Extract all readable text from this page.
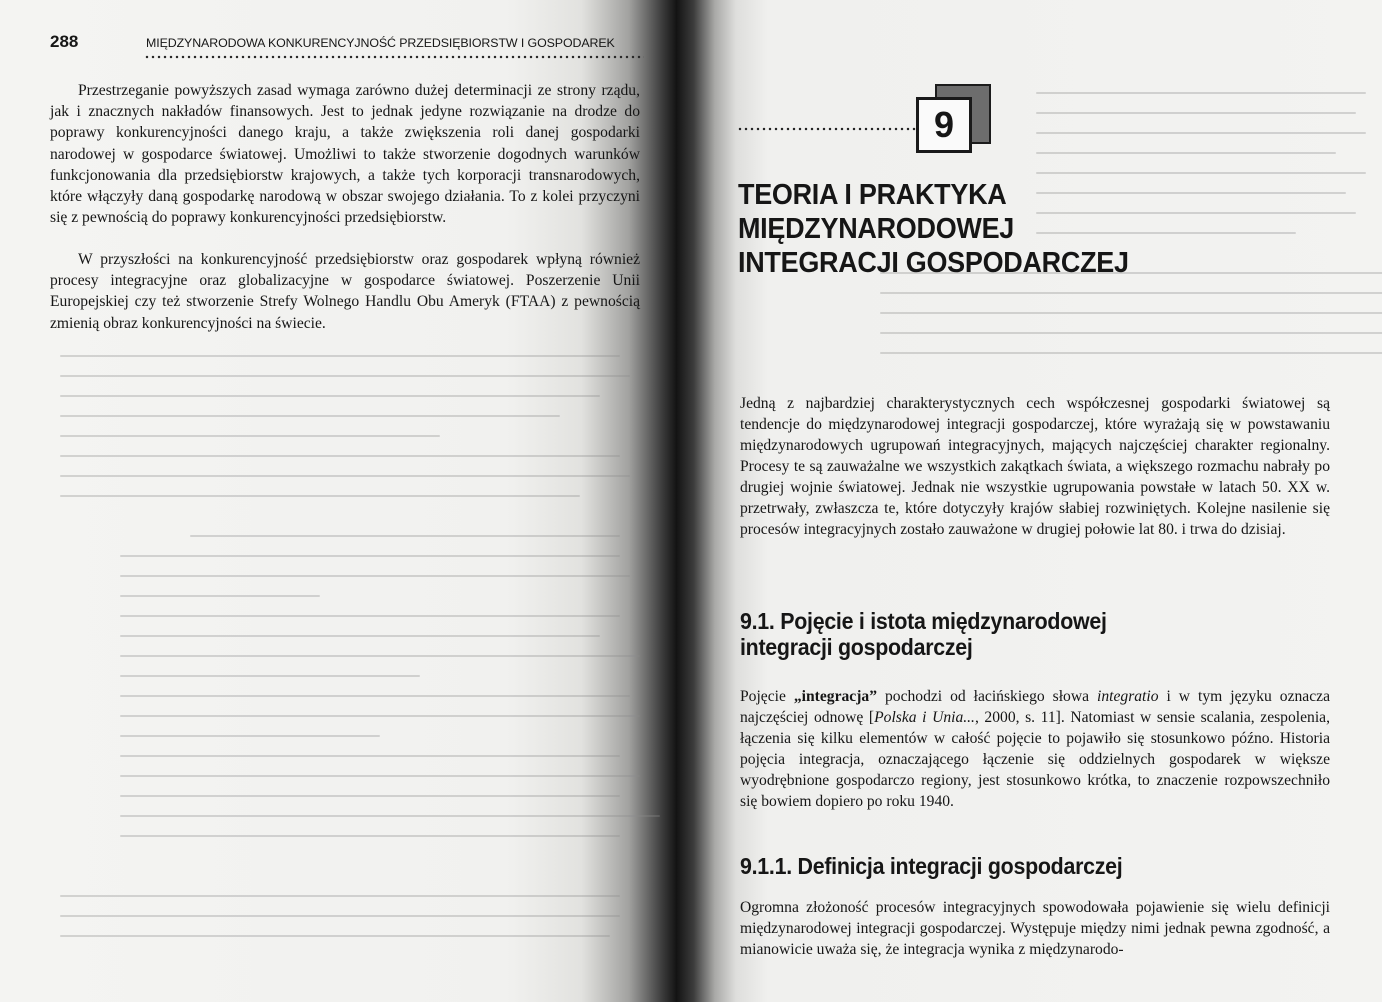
288	MIĘDZYNARODOWA KONKURENCYJNOŚĆ PRZEDSIĘBIORSTW I GOSPODAREK

Przestrzeganie powyższych zasad wymaga zarówno dużej determinacji ze strony rządu, jak i znacznych nakładów finansowych. Jest to jednak jedyne rozwiązanie na drodze do poprawy konkurencyjności danego kraju, a także zwiększenia roli danej gospodarki narodowej w gospodarce światowej. Umożliwi to także stworzenie dogodnych warunków funkcjonowania dla przedsiębiorstw krajowych, a także tych korporacji transnarodowych, które włączyły daną gospodarkę narodową w obszar swojego działania. To z kolei przyczyni się z pewnością do poprawy konkurencyjności przedsiębiorstw.

W przyszłości na konkurencyjność przedsiębiorstw oraz gospodarek wpłyną również procesy integracyjne oraz globalizacyjne w gospodarce światowej. Poszerzenie Unii Europejskiej czy też stworzenie Strefy Wolnego Handlu Obu Ameryk (FTAA) z pewnością zmienią obraz konkurencyjności na świecie.

9
TEORIA I PRAKTYKA
MIĘDZYNARODOWEJ
INTEGRACJI GOSPODARCZEJ

Jedną z najbardziej charakterystycznych cech współczesnej gospodarki światowej są tendencje do międzynarodowej integracji gospodarczej, które wyrażają się w powstawaniu międzynarodowych ugrupowań integracyjnych, mających najczęściej charakter regionalny. Procesy te są zauważalne we wszystkich zakątkach świata, a większego rozmachu nabrały po drugiej wojnie światowej. Jednak nie wszystkie ugrupowania powstałe w latach 50. XX w. przetrwały, zwłaszcza te, które dotyczyły krajów słabiej rozwiniętych. Kolejne nasilenie się procesów integracyjnych zostało zauważone w drugiej połowie lat 80. i trwa do dzisiaj.

9.1. Pojęcie i istota międzynarodowej
integracji gospodarczej

Pojęcie „integracja” pochodzi od łacińskiego słowa integratio i w tym języku oznacza najczęściej odnowę [Polska i Unia..., 2000, s. 11]. Natomiast w sensie scalania, zespolenia, łączenia się kilku elementów w całość pojęcie to pojawiło się stosunkowo późno. Historia pojęcia integracja, oznaczającego łączenie się oddzielnych gospodarek w większe wyodrębnione gospodarczo regiony, jest stosunkowo krótka, to znaczenie rozpowszechniło się bowiem dopiero po roku 1940.

9.1.1. Definicja integracji gospodarczej

Ogromna złożoność procesów integracyjnych spowodowała pojawienie się wielu definicji międzynarodowej integracji gospodarczej. Występuje między nimi jednak pewna zgodność, a mianowicie uważa się, że integracja wynika z międzynarodo-
